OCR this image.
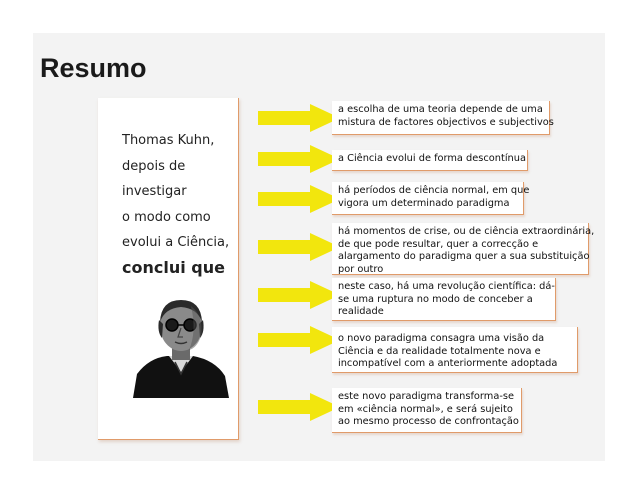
Resumo
Thomas Kuhn,
depois de
investigar
o modo como
evolui a Ciência,
conclui que
a escolha de uma teoria depende de uma
mistura de factores objectivos e subjectivos
a Ciência evolui de forma descontínua
há períodos de ciência normal, em que
vigora um determinado paradigma
há momentos de crise, ou de ciência extraordinária,
de que pode resultar, quer a correcção e
alargamento do paradigma quer a sua substituição
por outro
neste caso, há uma revolução científica: dá-
se uma ruptura no modo de conceber a
realidade
o novo paradigma consagra uma visão da
Ciência e da realidade totalmente nova e
incompatível com a anteriormente adoptada
este novo paradigma transforma-se
em «ciência normal», e será sujeito
ao mesmo processo de confrontação
